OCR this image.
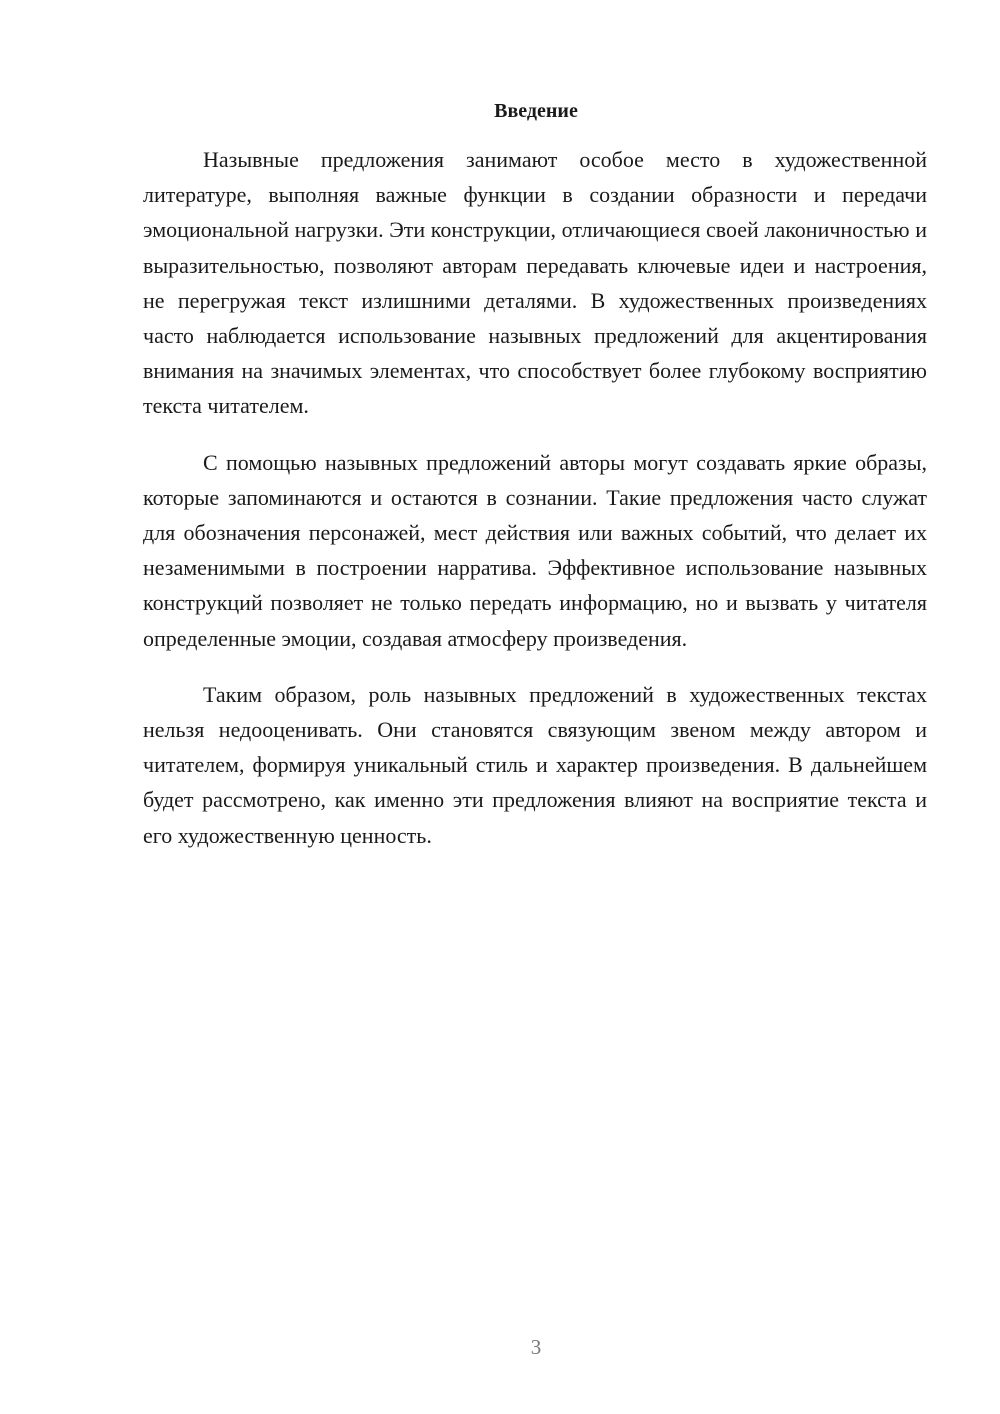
Введение

Назывные предложения занимают особое место в художественной литературе, выполняя важные функции в создании образности и передачи эмоциональной нагрузки. Эти конструкции, отличающиеся своей лаконичностью и выразительностью, позволяют авторам передавать ключевые идеи и настроения, не перегружая текст излишними деталями. В художественных произведениях часто наблюдается использование назывных предложений для акцентирования внимания на значимых элементах, что способствует более глубокому восприятию текста читателем.

С помощью назывных предложений авторы могут создавать яркие образы, которые запоминаются и остаются в сознании. Такие предложения часто служат для обозначения персонажей, мест действия или важных событий, что делает их незаменимыми в построении нарратива. Эффективное использование назывных конструкций позволяет не только передать информацию, но и вызвать у читателя определенные эмоции, создавая атмосферу произведения.

Таким образом, роль назывных предложений в художественных текстах нельзя недооценивать. Они становятся связующим звеном между автором и читателем, формируя уникальный стиль и характер произведения. В дальнейшем будет рассмотрено, как именно эти предложения влияют на восприятие текста и его художественную ценность.

3
